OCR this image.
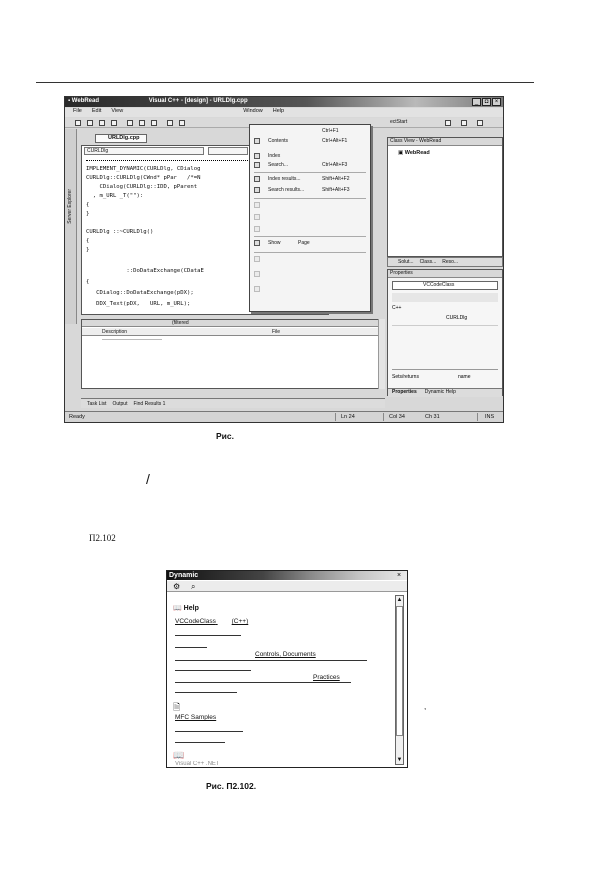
▪ WebRead	Visual C++ - [design] - URLDlg.cpp	_	◘	×
File Edit View	Window Help
ectStart
Server Explorer
URLDlg.cpp
CURLDlg
IMPLEMENT_DYNAMIC(CURLDlg, CDialog
CURLDlg::CURLDlg(CWnd* pPar   /*=N
CDialog(CURLDlg::IDD, pParent
, m_URL _T(""):
{
}
CURLDlg ::~CURLDlg()
{
}
::DoDataExchange(CDataE
{
CDialog::DoDataExchange(pDX);
DDX_Text(pDX,   URL, m_URL);
Ctrl+F1
Contents	Ctrl+Alt+F1
Index
Search...	Ctrl+Alt+F3
Index results...	Shift+Alt+F2
Search results...	Shift+Alt+F3
Show	Page
Class View - WebRead
▣ WebRead
Solut... Class... Reso...
Properties
VCCodeClass
C++
CURLDlg
Sets/returns	name
Properties Dynamic Help
(filtered
Description	File
Task List Output Find Results 1
Ready	Ln 24	Col 34	Ch 31	INS
Рис.
/
П2.102
Dynamic	×
⚙ ⌕
📖 Help
VCCodeClass (C++)
Controls, Documents
Practices
🗎
MFC Samples
📖
Visual C++ .NET
▲
▼
Рис. П2.102.
,
